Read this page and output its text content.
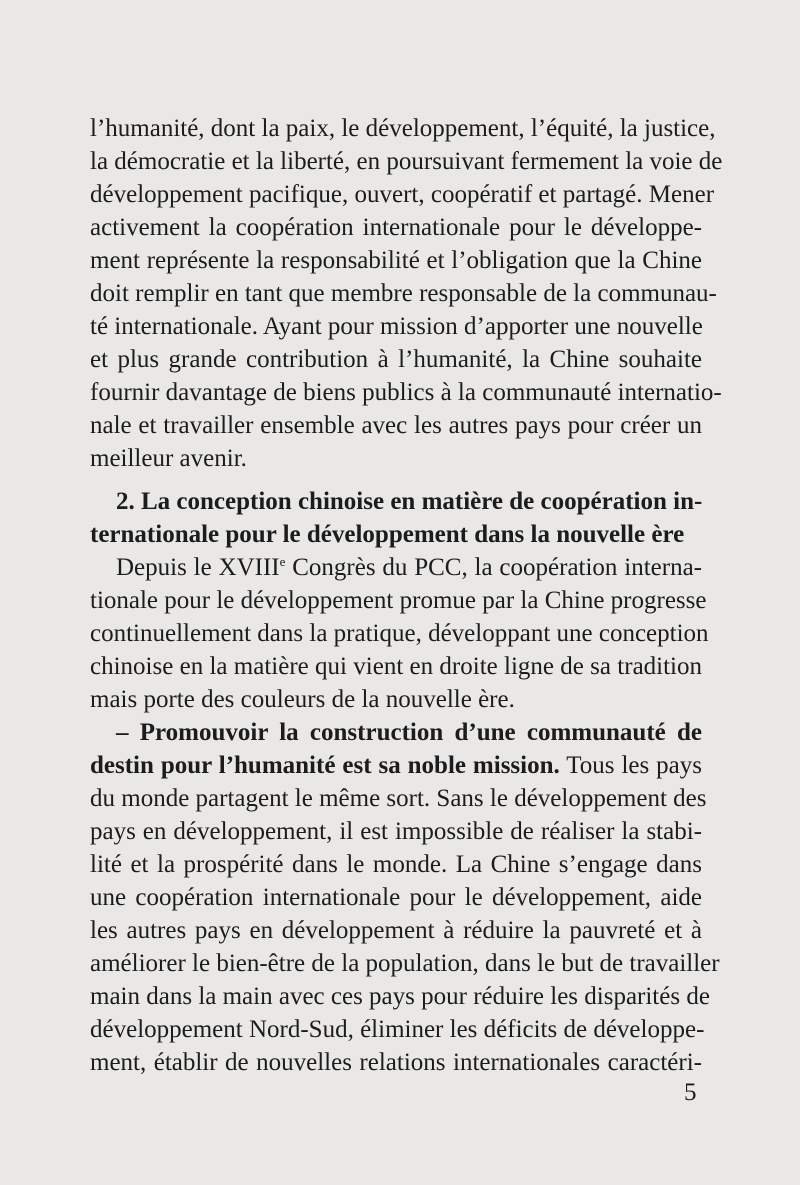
l’humanité, dont la paix, le développement, l’équité, la justice,
la démocratie et la liberté, en poursuivant fermement la voie de
développement pacifique, ouvert, coopératif et partagé. Mener
activement la coopération internationale pour le développe-
ment représente la responsabilité et l’obligation que la Chine
doit remplir en tant que membre responsable de la communau-
té internationale. Ayant pour mission d’apporter une nouvelle
et plus grande contribution à l’humanité, la Chine souhaite
fournir davantage de biens publics à la communauté internatio-
nale et travailler ensemble avec les autres pays pour créer un
meilleur avenir.
2. La conception chinoise en matière de coopération in-
ternationale pour le développement dans la nouvelle ère
Depuis le XVIIIe Congrès du PCC, la coopération interna-
tionale pour le développement promue par la Chine progresse
continuellement dans la pratique, développant une conception
chinoise en la matière qui vient en droite ligne de sa tradition
mais porte des couleurs de la nouvelle ère.
– Promouvoir la construction d’une communauté de
destin pour l’humanité est sa noble mission. Tous les pays
du monde partagent le même sort. Sans le développement des
pays en développement, il est impossible de réaliser la stabi-
lité et la prospérité dans le monde. La Chine s’engage dans
une coopération internationale pour le développement, aide
les autres pays en développement à réduire la pauvreté et à
améliorer le bien-être de la population, dans le but de travailler
main dans la main avec ces pays pour réduire les disparités de
développement Nord-Sud, éliminer les déficits de développe-
ment, établir de nouvelles relations internationales caractéri-
5
